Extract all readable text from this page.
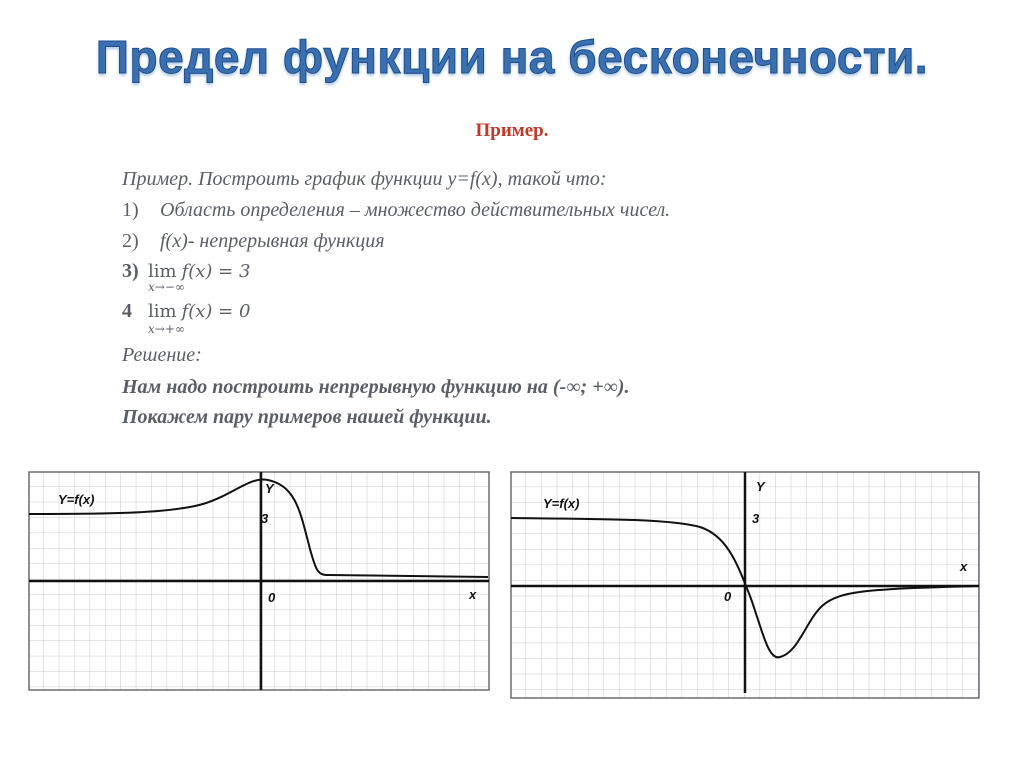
Предел функции на бесконечности.
Пример.
Пример. Построить график функции y=f(x), такой что:
1) Область определения – множество действительных чисел.
2) f(x)- непрерывная функция
3) lim f(x) = 3
x→−∞
4 lim f(x) = 0
x→+∞
Решение:
Нам надо построить непрерывную функцию на (-∞; +∞).
Покажем пару примеров нашей функции.
Y=f(x)
Y
3
0	x
Y=f(x)
Y
3
0
x
